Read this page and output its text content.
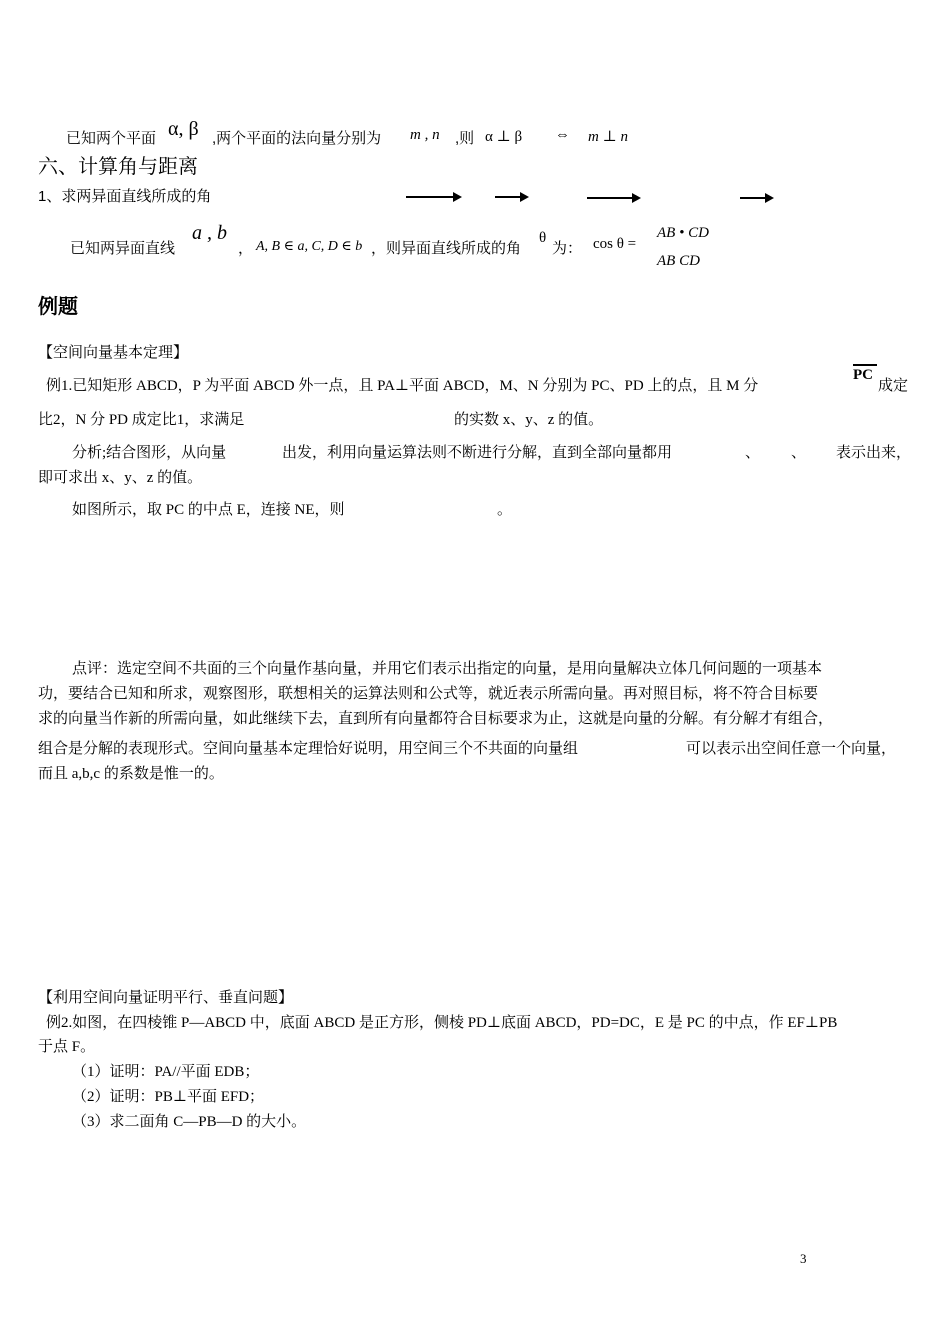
已知两个平面 α, β ,两个平面的法向量分别为 m , n ,则 α ⊥ β ⇔ m ⊥ n
六、计算角与距离
1、求两异面直线所成的角
已知两异面直线
a , b
， A, B ∈ a, C, D ∈ b ，则异面直线所成的角
θ
为： cos θ =
AB • CD
AB CD
例题
【空间向量基本定理】
例1.已知矩形 ABCD，P 为平面 ABCD 外一点，且 PA⊥平面 ABCD，M、N 分别为 PC、PD 上的点，且 M 分
PC
成定
比2，N 分 PD 成定比1，求满足	的实数 x、y、z 的值。
分析;结合图形，从向量	出发，利用向量运算法则不断进行分解，直到全部向量都用	、 、 表示出来，
即可求出 x、y、z 的值。
如图所示，取 PC 的中点 E，连接 NE，则	。
点评：选定空间不共面的三个向量作基向量，并用它们表示出指定的向量，是用向量解决立体几何问题的一项基本
功，要结合已知和所求，观察图形，联想相关的运算法则和公式等，就近表示所需向量。再对照目标，将不符合目标要
求的向量当作新的所需向量，如此继续下去，直到所有向量都符合目标要求为止，这就是向量的分解。有分解才有组合，
组合是分解的表现形式。空间向量基本定理恰好说明，用空间三个不共面的向量组	可以表示出空间任意一个向量，
而且 a,b,c 的系数是惟一的。
【利用空间向量证明平行、垂直问题】
例2.如图，在四棱锥 P—ABCD 中，底面 ABCD 是正方形，侧棱 PD⊥底面 ABCD，PD=DC，E 是 PC 的中点，作 EF⊥PB
于点 F。
（1）证明：PA//平面 EDB；
（2）证明：PB⊥平面 EFD；
（3）求二面角 C—PB—D 的大小。
3
